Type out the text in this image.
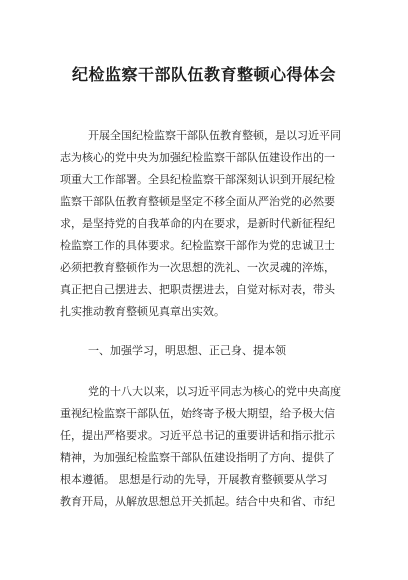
纪检监察干部队伍教育整顿心得体会
开展全国纪检监察干部队伍教育整顿，是以习近平同
志为核心的党中央为加强纪检监察干部队伍建设作出的一
项重大工作部署。全县纪检监察干部深刻认识到开展纪检
监察干部队伍教育整顿是坚定不移全面从严治党的必然要
求，是坚持党的自我革命的内在要求，是新时代新征程纪
检监察工作的具体要求。纪检监察干部作为党的忠诚卫士
必须把教育整顿作为一次思想的洗礼、一次灵魂的淬炼，
真正把自己摆进去、把职责摆进去，自觉对标对表，带头
扎实推动教育整顿见真章出实效。
一、加强学习，明思想、正己身、提本领
党的十八大以来，以习近平同志为核心的党中央高度
重视纪检监察干部队伍，始终寄予极大期望，给予极大信
任，提出严格要求。习近平总书记的重要讲话和指示批示
精神，为加强纪检监察干部队伍建设指明了方向、提供了
根本遵循。 思想是行动的先导，开展教育整顿要从学习
教育开局，从解放思想总开关抓起。结合中央和省、市纪
